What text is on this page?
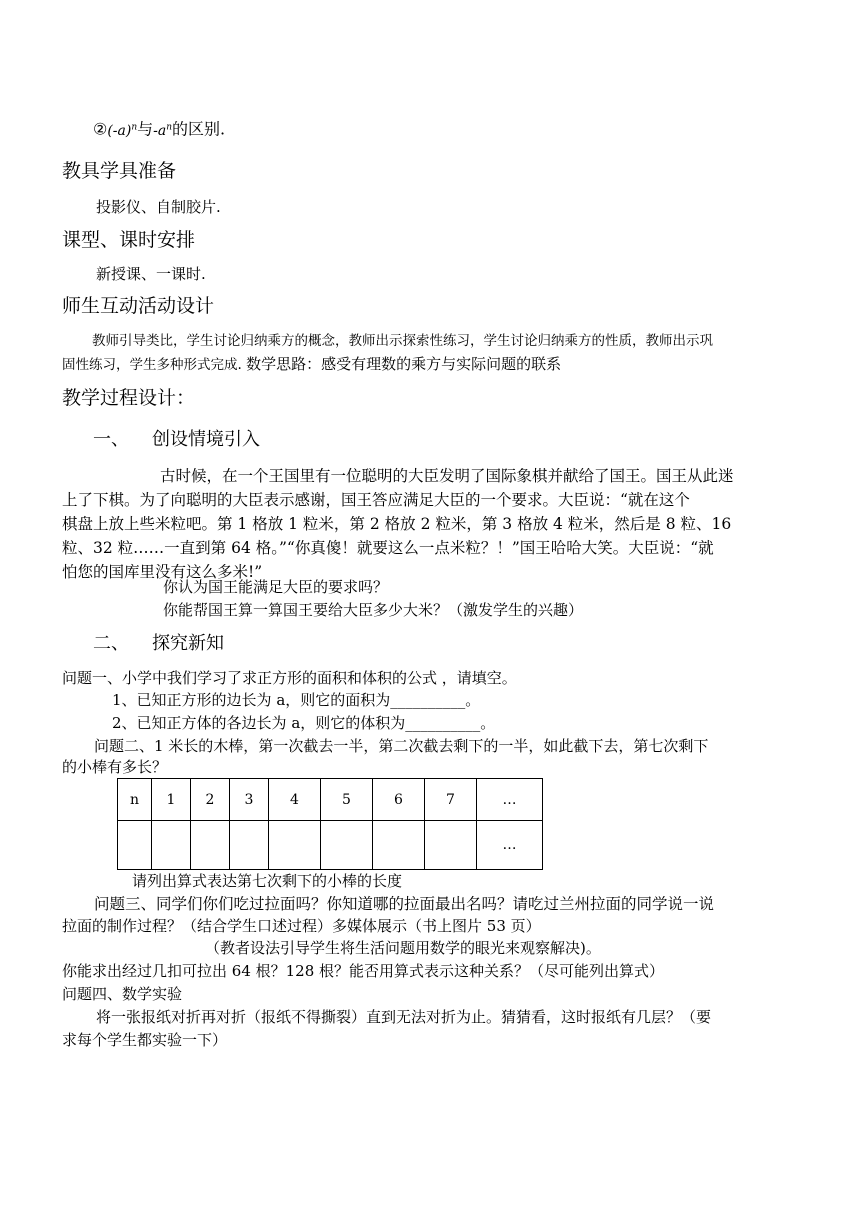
$②(-a)^n$与$-a^n$的区别.
教具学具准备
投影仪、自制胶片.
课型、课时安排
新授课、一课时.
师生互动活动设计
教师引导类比，学生讨论归纳乘方的概念，教师出示探索性练习，学生讨论归纳乘方的性质，教师出示巩
固性练习，学生多种形式完成. 数学思路：感受有理数的乘方与实际问题的联系
教学过程设计：
一、 创设情境引入
古时候，在一个王国里有一位聪明的大臣发明了国际象棋并献给了国王。国王从此迷
上了下棋。为了向聪明的大臣表示感谢，国王答应满足大臣的一个要求。大臣说：“就在这个
棋盘上放上些米粒吧。第 1 格放 1 粒米，第 2 格放 2 粒米，第 3 格放 4 粒米，然后是 8 粒、16
粒、32 粒……一直到第 64 格。”“你真傻！就要这么一点米粒？！”国王哈哈大笑。大臣说：“就
怕您的国库里没有这么多米!”
你认为国王能满足大臣的要求吗？
你能帮国王算一算国王要给大臣多少大米？（激发学生的兴趣）
二、 探究新知
问题一、小学中我们学习了求正方形的面积和体积的公式 ，请填空。
1、已知正方形的边长为 a，则它的面积为__________。
2、已知正方体的各边长为 a，则它的体积为__________。
问题二、1 米长的木棒，第一次截去一半，第二次截去剩下的一半，如此截下去，第七次剩下
的小棒有多长？
n	1	2	3	4	5	6	7	…
								…
请列出算式表达第七次剩下的小棒的长度
问题三、同学们你们吃过拉面吗？你知道哪的拉面最出名吗？请吃过兰州拉面的同学说一说
拉面的制作过程？（结合学生口述过程）多媒体展示（书上图片 53 页）
（教者设法引导学生将生活问题用数学的眼光来观察解决)。
你能求出经过几扣可拉出 64 根？128 根？能否用算式表示这种关系？（尽可能列出算式）
问题四、数学实验
将一张报纸对折再对折（报纸不得撕裂）直到无法对折为止。猜猜看，这时报纸有几层？（要
求每个学生都实验一下）
